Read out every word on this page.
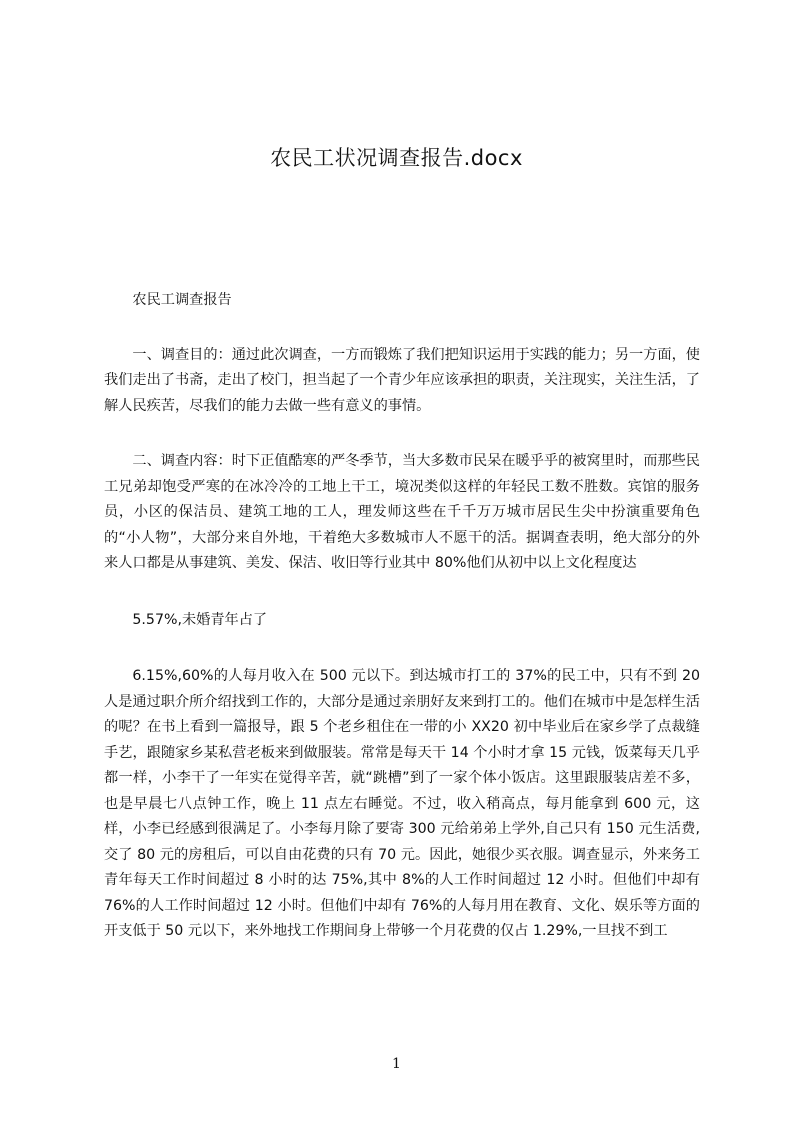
农民工状况调查报告.docx

农民工调查报告

一、调查目的：通过此次调查，一方而锻炼了我们把知识运用于实践的能力；另一方面，使我们走出了书斋，走出了校门，担当起了一个青少年应该承担的职责，关注现实，关注生活，了解人民疾苦，尽我们的能力去做一些有意义的事情。

二、调查内容：时下正值酷寒的严冬季节，当大多数市民呆在暖乎乎的被窝里时，而那些民工兄弟却饱受严寒的在冰冷冷的工地上干工，境况类似这样的年轻民工数不胜数。宾馆的服务员，小区的保洁员、建筑工地的工人，理发师这些在千千万万城市居民生尖中扮演重要角色的“小人物”，大部分来自外地，干着绝大多数城市人不愿干的活。据调查表明，绝大部分的外来人口都是从事建筑、美发、保洁、收旧等行业其中 80%他们从初中以上文化程度达

5.57%,未婚青年占了

6.15%,60%的人每月收入在 500 元以下。到达城市打工的 37%的民工中，只有不到 20 人是通过职介所介绍找到工作的，大部分是通过亲朋好友来到打工的。他们在城市中是怎样生活的呢？在书上看到一篇报导，跟 5 个老乡租住在一带的小 XX20 初中毕业后在家乡学了点裁缝手艺，跟随家乡某私营老板来到做服装。常常是每天干 14 个小时才拿 15 元钱，饭菜每天几乎都一样，小李干了一年实在觉得辛苦，就“跳槽”到了一家个体小饭店。这里跟服装店差不多，也是早晨七八点钟工作，晚上 11 点左右睡觉。不过，收入稍高点，每月能拿到 600 元，这样，小李已经感到很满足了。小李每月除了要寄 300 元给弟弟上学外,自己只有 150 元生活费,交了 80 元的房租后，可以自由花费的只有 70 元。因此，她很少买衣服。调查显示，外来务工青年每天工作时间超过 8 小时的达 75%,其中 8%的人工作时间超过 12 小时。但他们中却有 76%的人工作时间超过 12 小时。但他们中却有 76%的人每月用在教育、文化、娱乐等方面的开支低于 50 元以下，来外地找工作期间身上带够一个月花费的仅占 1.29%,一旦找不到工

1
